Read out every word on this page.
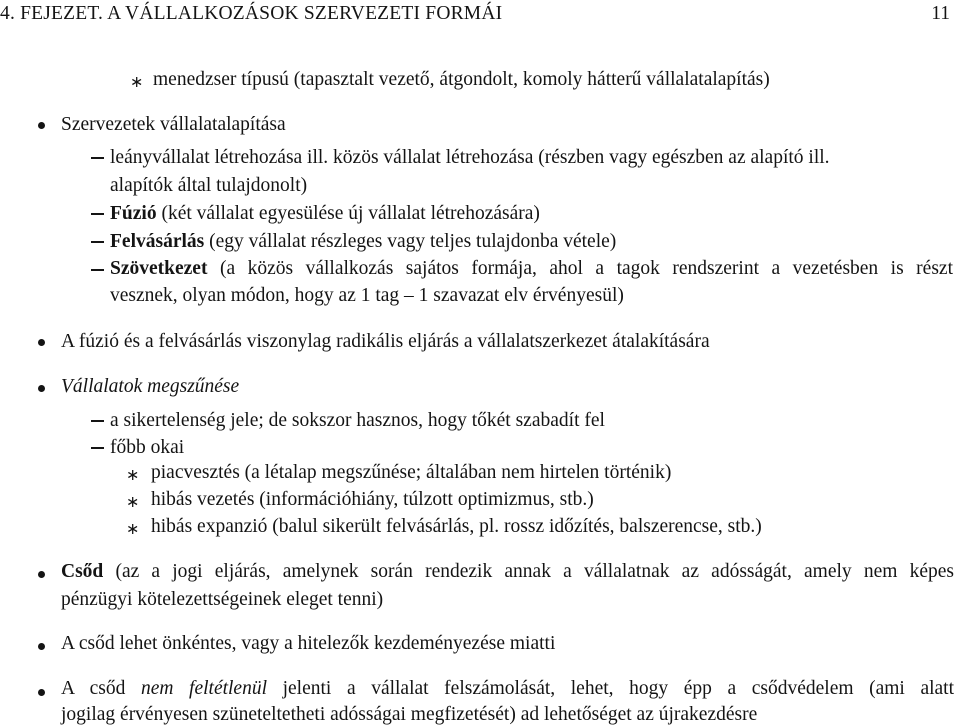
4. FEJEZET. A VÁLLALKOZÁSOK SZERVEZETI FORMÁI	11
∗ menedzser típusú (tapasztalt vezető, átgondolt, komoly hátterű vállalatalapítás)
Szervezetek vállalatalapítása
leányvállalat létrehozása ill. közös vállalat létrehozása (részben vagy egészben az alapító ill.
alapítók által tulajdonolt)
Fúzió (két vállalat egyesülése új vállalat létrehozására)
Felvásárlás (egy vállalat részleges vagy teljes tulajdonba vétele)
Szövetkezet (a közös vállalkozás sajátos formája, ahol a tagok rendszerint a vezetésben is részt
vesznek, olyan módon, hogy az 1 tag – 1 szavazat elv érvényesül)
A fúzió és a felvásárlás viszonylag radikális eljárás a vállalatszerkezet átalakítására
Vállalatok megszűnése
a sikertelenség jele; de sokszor hasznos, hogy tőkét szabadít fel
főbb okai
∗ piacvesztés (a létalap megszűnése; általában nem hirtelen történik)
∗ hibás vezetés (információhiány, túlzott optimizmus, stb.)
∗ hibás expanzió (balul sikerült felvásárlás, pl. rossz időzítés, balszerencse, stb.)
Csőd (az a jogi eljárás, amelynek során rendezik annak a vállalatnak az adósságát, amely nem képes
pénzügyi kötelezettségeinek eleget tenni)
A csőd lehet önkéntes, vagy a hitelezők kezdeményezése miatti
A csőd nem feltétlenül jelenti a vállalat felszámolását, lehet, hogy épp a csődvédelem (ami alatt
jogilag érvényesen szüneteltetheti adósságai megfizetését) ad lehetőséget az újrakezdésre
